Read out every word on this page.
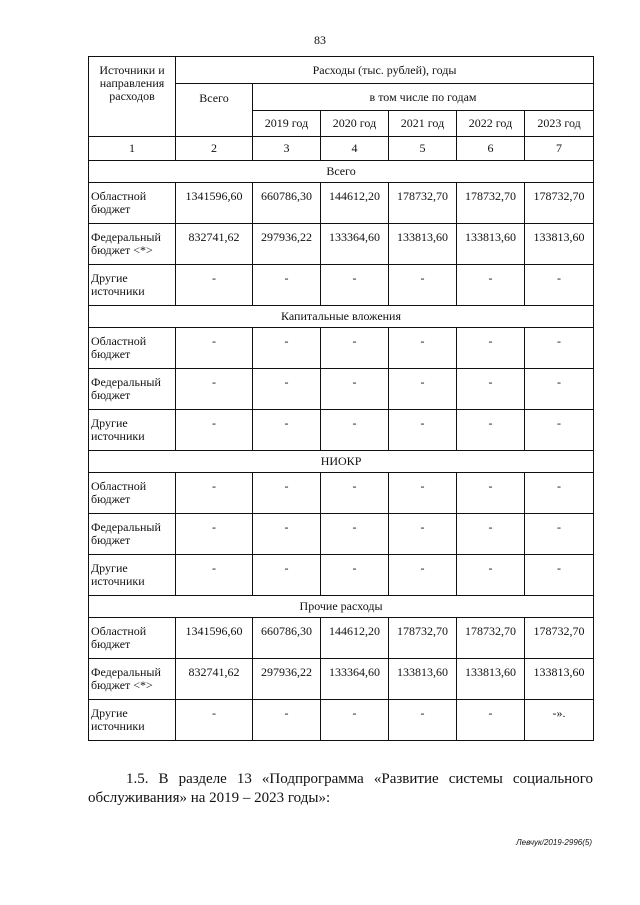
83
Источники и направления расходов	Расходы (тыс. рублей), годы					
	Всего	в том числе по годам				
		2019 год	2020 год	2021 год	2022 год	2023 год
1	2	3	4	5	6	7
Всего						
Областной бюджет	1341596,60	660786,30	144612,20	178732,70	178732,70	178732,70
Федеральный бюджет <*>	832741,62	297936,22	133364,60	133813,60	133813,60	133813,60
Другие источники	-	-	-	-	-	-
Капитальные вложения						
Областной бюджет	-	-	-	-	-	-
Федеральный бюджет	-	-	-	-	-	-
Другие источники	-	-	-	-	-	-
НИОКР						
Областной бюджет	-	-	-	-	-	-
Федеральный бюджет	-	-	-	-	-	-
Другие источники	-	-	-	-	-	-
Прочие расходы						
Областной бюджет	1341596,60	660786,30	144612,20	178732,70	178732,70	178732,70
Федеральный бюджет <*>	832741,62	297936,22	133364,60	133813,60	133813,60	133813,60
Другие источники	-	-	-	-	-	-».

1.5. В разделе 13 «Подпрограмма «Развитие системы социального обслуживания» на 2019 – 2023 годы»:

Левчук/2019-2996(5)
